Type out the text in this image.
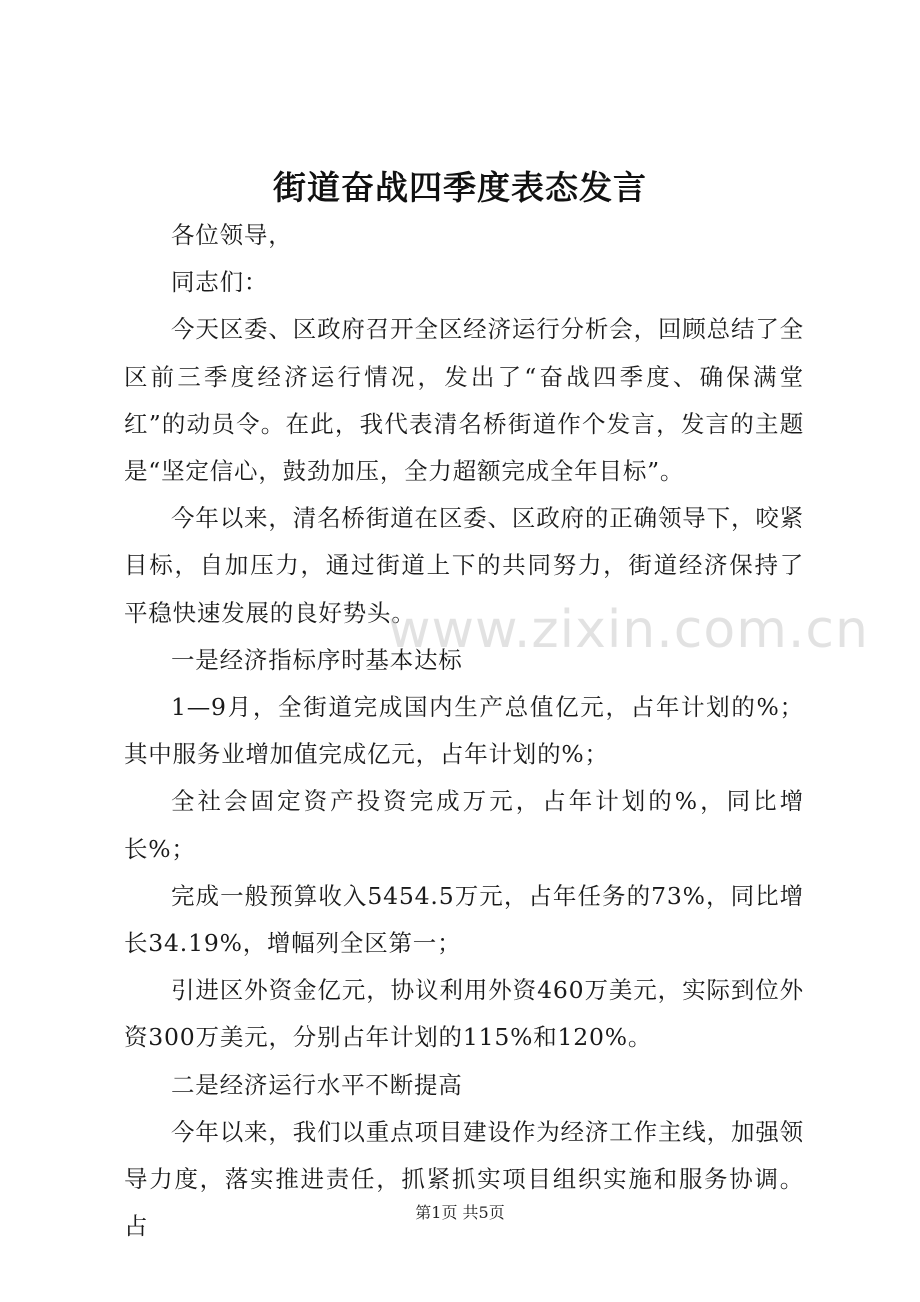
街道奋战四季度表态发言

各位领导，

同志们：

今天区委、区政府召开全区经济运行分析会，回顾总结了全区前三季度经济运行情况，发出了“奋战四季度、确保满堂红”的动员令。在此，我代表清名桥街道作个发言，发言的主题是“坚定信心，鼓劲加压，全力超额完成全年目标”。

今年以来，清名桥街道在区委、区政府的正确领导下，咬紧目标，自加压力，通过街道上下的共同努力，街道经济保持了平稳快速发展的良好势头。

一是经济指标序时基本达标

1—9月，全街道完成国内生产总值亿元，占年计划的%；其中服务业增加值完成亿元，占年计划的%；

全社会固定资产投资完成万元，占年计划的%，同比增长%；

完成一般预算收入5454.5万元，占年任务的73%，同比增长34.19%，增幅列全区第一；

引进区外资金亿元，协议利用外资460万美元，实际到位外资300万美元，分别占年计划的115%和120%。

二是经济运行水平不断提高

今年以来，我们以重点项目建设作为经济工作主线，加强领导力度，落实推进责任，抓紧抓实项目组织实施和服务协调。占

www.zixin.com.cn
第1页 共5页
